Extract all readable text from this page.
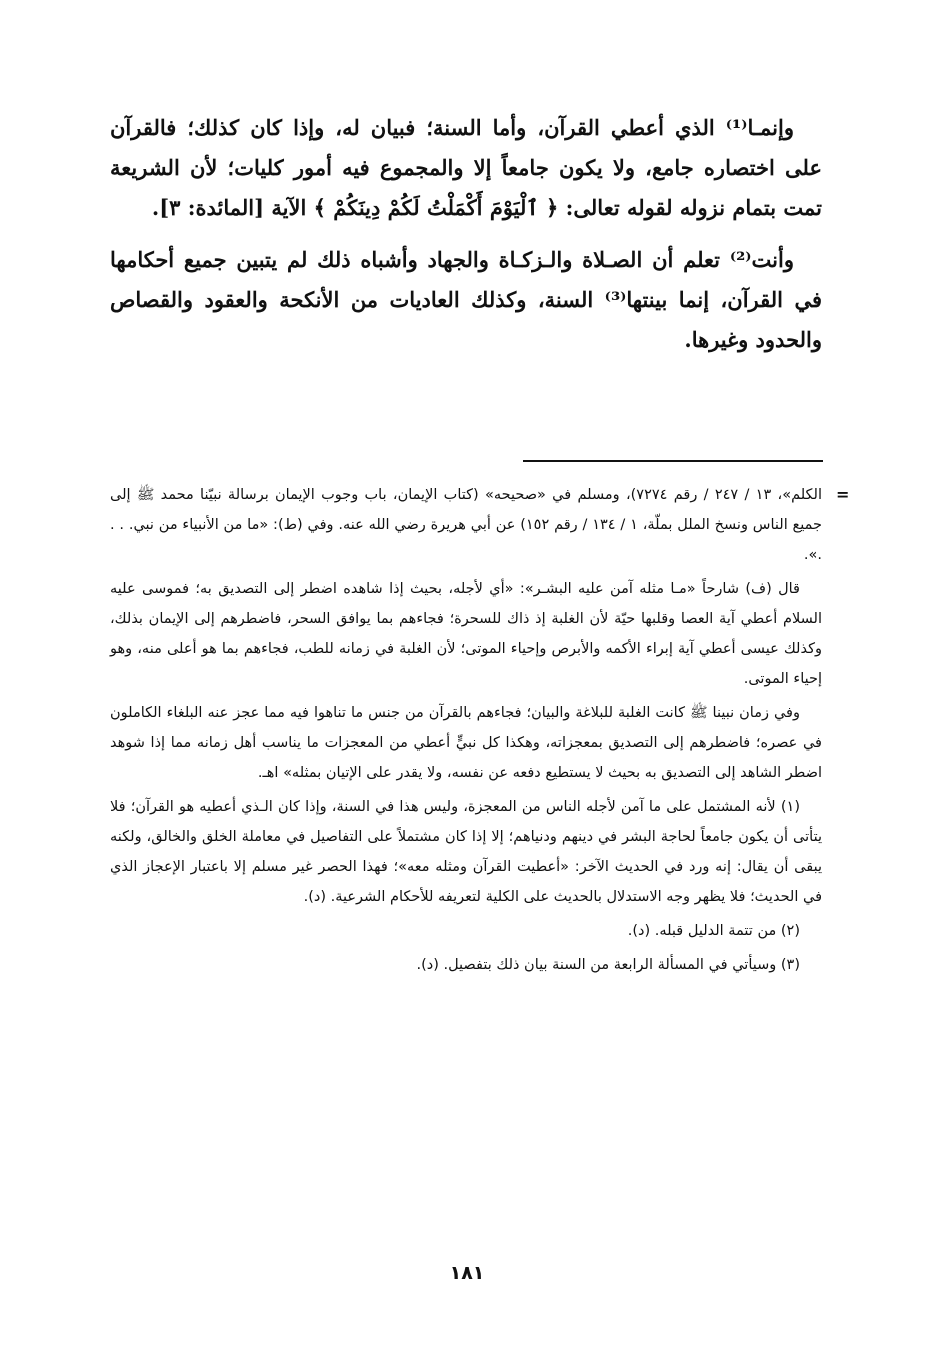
وإنمـا⁽¹⁾ الذي أعطي القرآن، وأما السنة؛ فبيان له، وإذا كان كذلك؛ فالقرآن على اختصاره جامع، ولا يكون جامعاً إلا والمجموع فيه أمور كليات؛ لأن الشريعة تمت بتمام نزوله لقوله تعالى: ﴿ ٱلْيَوْمَ أَكْمَلْتُ لَكُمْ دِينَكُمْ ﴾ الآية [المائدة: ٣].

وأنت⁽²⁾ تعلم أن الصـلاة والـزكـاة والجهاد وأشباه ذلك لم يتبين جميع أحكامها في القرآن، إنما بينتها⁽³⁾ السنة، وكذلك العاديات من الأنكحة والعقود والقصاص والحدود وغيرها.

=

الكلم»، ١٣ / ٢٤٧ / رقم ٧٢٧٤)، ومسلم في «صحيحه» (كتاب الإيمان، باب وجوب الإيمان برسالة نبيّنا محمد ﷺ إلى جميع الناس ونسخ الملل بملّة، ١ / ١٣٤ / رقم ١٥٢) عن أبي هريرة رضي الله عنه. وفي (ط): «ما من الأنبياء من نبي. . . .».

قال (ف) شارحاً «مـا مثله آمن عليه البشـر»: «أي لأجله، بحيث إذا شاهده اضطر إلى التصديق به؛ فموسى عليه السلام أعطي آية العصا وقلبها حيّة لأن الغلبة إذ ذاك للسحرة؛ فجاءهم بما يوافق السحر، فاضطرهم إلى الإيمان بذلك، وكذلك عيسى أعطي آية إبراء الأكمه والأبرص وإحياء الموتى؛ لأن الغلبة في زمانه للطب، فجاءهم بما هو أعلى منه، وهو إحياء الموتى.

وفي زمان نبينا ﷺ كانت الغلبة للبلاغة والبيان؛ فجاءهم بالقرآن من جنس ما تناهوا فيه مما عجز عنه البلغاء الكاملون في عصره؛ فاضطرهم إلى التصديق بمعجزاته، وهكذا كل نبيٍّ أعطي من المعجزات ما يناسب أهل زمانه مما إذا شوهد اضطر الشاهد إلى التصديق به بحيث لا يستطيع دفعه عن نفسه، ولا يقدر على الإتيان بمثله» اهـ.

(١) لأنه المشتمل على ما آمن لأجله الناس من المعجزة، وليس هذا في السنة، وإذا كان الـذي أعطيه هو القرآن؛ فلا يتأتى أن يكون جامعاً لحاجة البشر في دينهم ودنياهم؛ إلا إذا كان مشتملاً على التفاصيل في معاملة الخلق والخالق، ولكنه يبقى أن يقال: إنه ورد في الحديث الآخر: «أعطيت القرآن ومثله معه»؛ فهذا الحصر غير مسلم إلا باعتبار الإعجاز الذي في الحديث؛ فلا يظهر وجه الاستدلال بالحديث على الكلية لتعريفه للأحكام الشرعية. (د).

(٢) من تتمة الدليل قبله. (د).

(٣) وسيأتي في المسألة الرابعة من السنة بيان ذلك بتفصيل. (د).

١٨١
